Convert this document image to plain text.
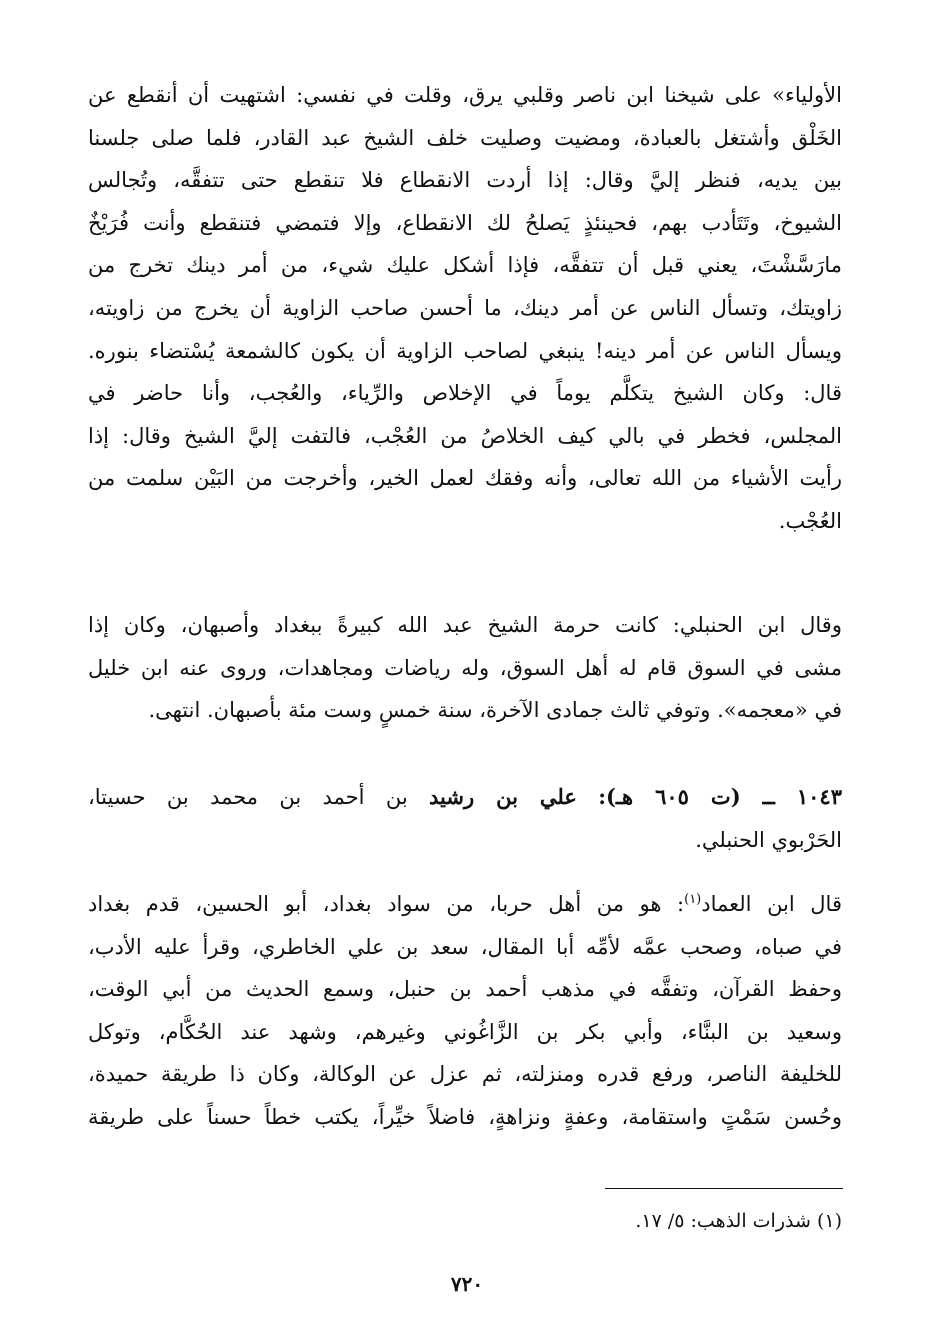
الأولياء» على شيخنا ابن ناصر وقلبي يرق، وقلت في نفسي: اشتهيت أن أنقطع عن
الخَلْق وأشتغل بالعبادة، ومضيت وصليت خلف الشيخ عبد القادر، فلما صلى جلسنا
بين يديه، فنظر إليَّ وقال: إذا أردت الانقطاع فلا تنقطع حتى تتفقَّه، وتُجالس
الشيوخ، وتَتَأدب بهم، فحينئذٍ يَصلحُ لك الانقطاع، وإلا فتمضي فتنقطع وأنت فُرَيْخٌ
مارَسَّشْتَ، يعني قبل أن تتفقَّه، فإذا أشكل عليك شيء، من أمر دينك تخرج من
زاويتك، وتسأل الناس عن أمر دينك، ما أحسن صاحب الزاوية أن يخرج من زاويته،
ويسأل الناس عن أمر دينه! ينبغي لصاحب الزاوية أن يكون كالشمعة يُسْتضاء بنوره.
قال: وكان الشيخ يتكلَّم يوماً في الإخلاص والرِّياء، والعُجب، وأنا حاضر في
المجلس، فخطر في بالي كيف الخلاصُ من العُجْب، فالتفت إليَّ الشيخ وقال: إذا
رأيت الأشياء من الله تعالى، وأنه وفقك لعمل الخير، وأخرجت من البَيْن سلمت من
العُجْب.
وقال ابن الحنبلي: كانت حرمة الشيخ عبد الله كبيرةً ببغداد وأصبهان، وكان إذا
مشى في السوق قام له أهل السوق، وله رياضات ومجاهدات، وروى عنه ابن خليل
في «معجمه». وتوفي ثالث جمادى الآخرة، سنة خمسٍ وست مئة بأصبهان. انتهى.
١٠٤٣ ــ (ت ٦٠٥ هـ): علي بن رشيد بن أحمد بن محمد بن حسيتا،
الحَرْبوي الحنبلي.
قال ابن العماد$^{(١)}$: هو من أهل حربا، من سواد بغداد، أبو الحسين، قدم بغداد
في صباه، وصحب عمَّه لأمِّه أبا المقال، سعد بن علي الخاطري، وقرأ عليه الأدب،
وحفظ القرآن، وتفقَّه في مذهب أحمد بن حنبل، وسمع الحديث من أبي الوقت،
وسعيد بن البنَّاء، وأبي بكر بن الزَّاغُوني وغيرهم، وشهد عند الحُكَّام، وتوكل
للخليفة الناصر، ورفع قدره ومنزلته، ثم عزل عن الوكالة، وكان ذا طريقة حميدة،
وحُسن سَمْتٍ واستقامة، وعفةٍ ونزاهةٍ، فاضلاً خيِّراً، يكتب خطاً حسناً على طريقة
(١) شذرات الذهب: ٥/ ١٧.
٧٢٠
